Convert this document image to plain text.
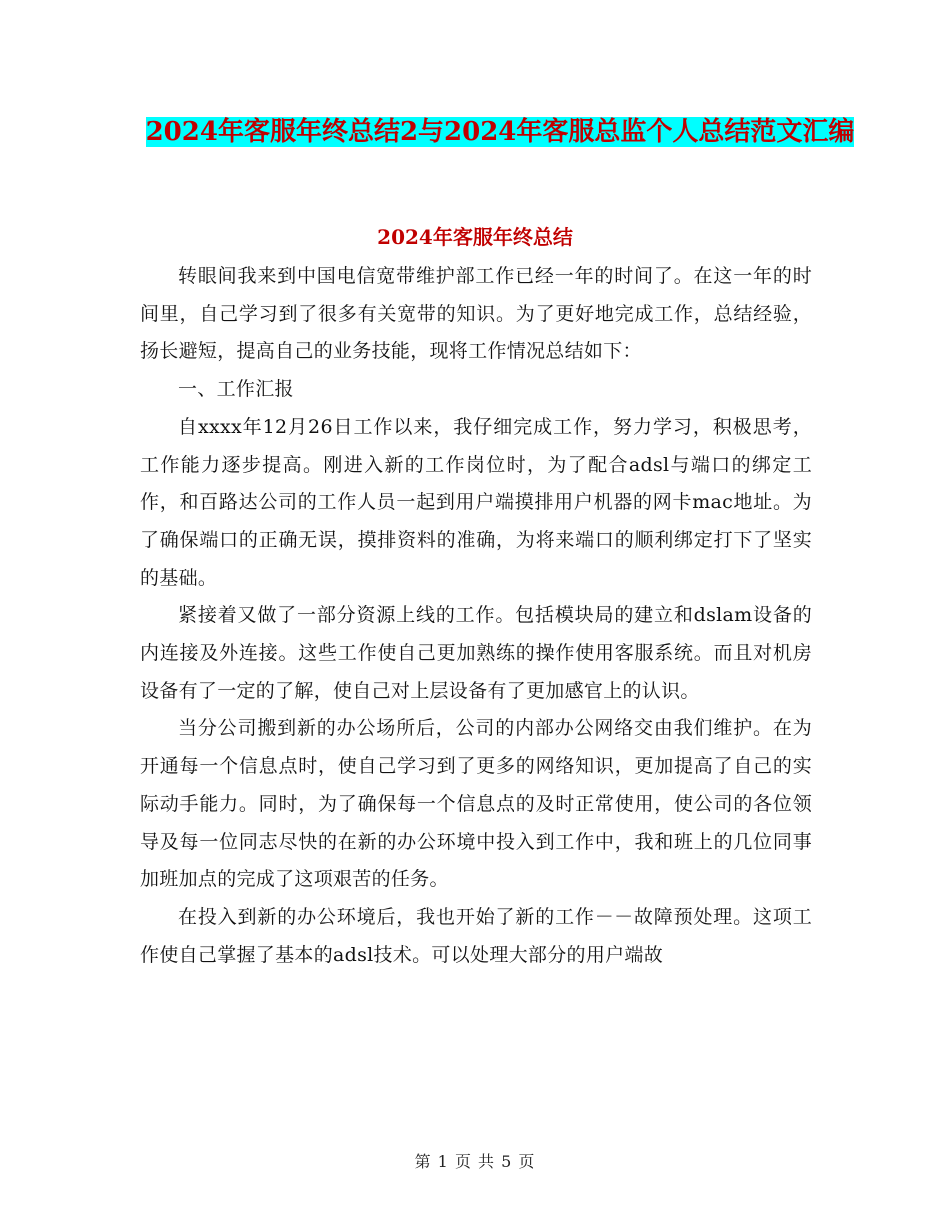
2024年客服年终总结2与2024年客服总监个人总结范文汇编
2024年客服年终总结

转眼间我来到中国电信宽带维护部工作已经一年的时间了。在这一年的时间里，自己学习到了很多有关宽带的知识。为了更好地完成工作，总结经验，扬长避短，提高自己的业务技能，现将工作情况总结如下：

一、工作汇报

自xxxx年12月26日工作以来，我仔细完成工作，努力学习，积极思考，工作能力逐步提高。刚进入新的工作岗位时，为了配合adsl与端口的绑定工作，和百路达公司的工作人员一起到用户端摸排用户机器的网卡mac地址。为了确保端口的正确无误，摸排资料的准确，为将来端口的顺利绑定打下了坚实的基础。

紧接着又做了一部分资源上线的工作。包括模块局的建立和dslam设备的内连接及外连接。这些工作使自己更加熟练的操作使用客服系统。而且对机房设备有了一定的了解，使自己对上层设备有了更加感官上的认识。

当分公司搬到新的办公场所后，公司的内部办公网络交由我们维护。在为开通每一个信息点时，使自己学习到了更多的网络知识，更加提高了自己的实际动手能力。同时，为了确保每一个信息点的及时正常使用，使公司的各位领导及每一位同志尽快的在新的办公环境中投入到工作中，我和班上的几位同事加班加点的完成了这项艰苦的任务。

在投入到新的办公环境后，我也开始了新的工作－－故障预处理。这项工作使自己掌握了基本的adsl技术。可以处理大部分的用户端故

第 1 页 共 5 页
